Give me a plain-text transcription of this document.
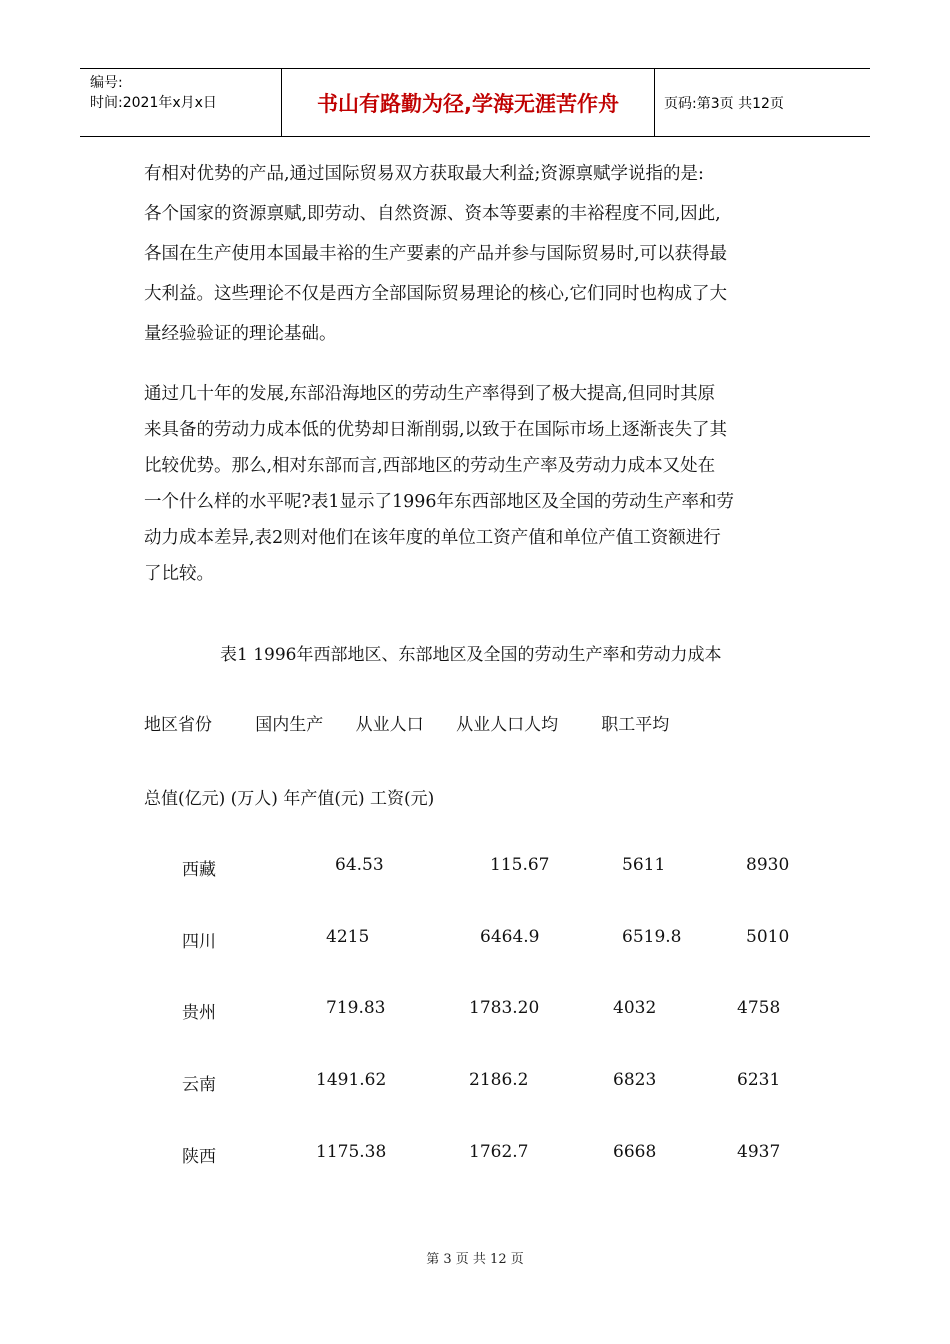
编号:
时间:2021年x月x日	书山有路勤为径,学海无涯苦作舟	页码:第3页 共12页
有相对优势的产品,通过国际贸易双方获取最大利益;资源禀赋学说指的是:
各个国家的资源禀赋,即劳动、自然资源、资本等要素的丰裕程度不同,因此,
各国在生产使用本国最丰裕的生产要素的产品并参与国际贸易时,可以获得最
大利益。这些理论不仅是西方全部国际贸易理论的核心,它们同时也构成了大
量经验验证的理论基础。
通过几十年的发展,东部沿海地区的劳动生产率得到了极大提高,但同时其原
来具备的劳动力成本低的优势却日渐削弱,以致于在国际市场上逐渐丧失了其
比较优势。那么,相对东部而言,西部地区的劳动生产率及劳动力成本又处在
一个什么样的水平呢?表1显示了1996年东西部地区及全国的劳动生产率和劳
动力成本差异,表2则对他们在该年度的单位工资产值和单位产值工资额进行
了比较。
表1 1996年西部地区、东部地区及全国的劳动生产率和劳动力成本
地区省份        国内生产      从业人口      从业人口人均        职工平均
总值(亿元) (万人) 年产值(元) 工资(元)
西藏	64.53	115.67	5611	8930
四川	4215	6464.9	6519.8	5010
贵州	719.83	1783.20	4032	4758
云南	1491.62	2186.2	6823	6231
陕西	1175.38	1762.7	6668	4937
第 3 页 共 12 页
